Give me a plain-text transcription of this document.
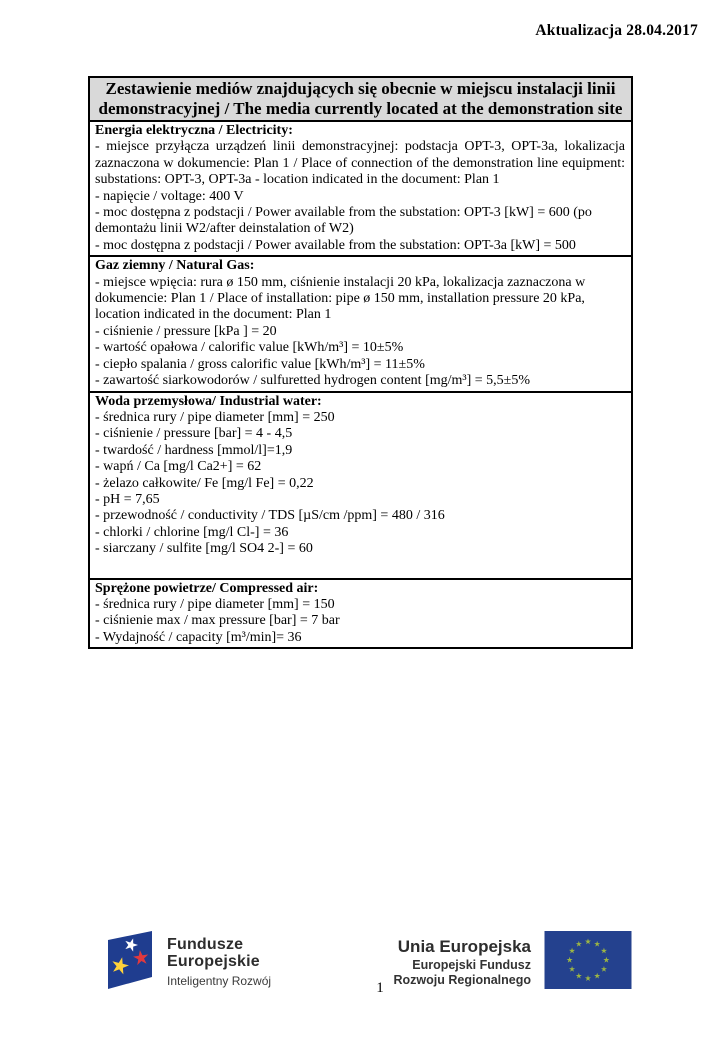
Aktualizacja 28.04.2017
Zestawienie mediów znajdujących się obecnie w miejscu instalacji linii demonstracyjnej / The media currently located at the demonstration site
Energia elektryczna / Electricity:
- miejsce przyłącza urządzeń linii demonstracyjnej: podstacja OPT-3, OPT-3a, lokalizacja zaznaczona w dokumencie: Plan 1 / Place of connection of the demonstration line equipment: substations: OPT-3, OPT-3a - location indicated in the document: Plan 1
- napięcie / voltage: 400 V
- moc dostępna z podstacji / Power available from the substation: OPT-3 [kW] = 600 (po demontażu linii W2/after deinstalation of W2)
- moc dostępna z podstacji / Power available from the substation: OPT-3a [kW] = 500
Gaz ziemny / Natural Gas:
- miejsce wpięcia: rura ø 150 mm, ciśnienie instalacji 20 kPa, lokalizacja zaznaczona w dokumencie: Plan 1 / Place of installation: pipe ø 150 mm, installation pressure 20 kPa, location indicated in the document: Plan 1
- ciśnienie / pressure [kPa ] = 20
- wartość opałowa / calorific value [kWh/m³] = 10±5%
- ciepło spalania / gross calorific value [kWh/m³] = 11±5%
- zawartość siarkowodorów / sulfuretted hydrogen content [mg/m³] = 5,5±5%
Woda przemysłowa/ Industrial water:
- średnica rury / pipe diameter [mm] = 250
- ciśnienie / pressure [bar] = 4 - 4,5
- twardość / hardness [mmol/l]=1,9
- wapń / Ca [mg/l Ca2+] = 62
- żelazo całkowite/ Fe [mg/l Fe] = 0,22
- pH = 7,65
- przewodność / conductivity / TDS [µS/cm /ppm] = 480 / 316
- chlorki / chlorine [mg/l Cl-] = 36
- siarczany / sulfite [mg/l SO4 2-] = 60
Sprężone powietrze/ Compressed air:
- średnica rury / pipe diameter [mm] = 150
- ciśnienie max / max pressure [bar] = 7 bar
- Wydajność / capacity [m³/min]= 36
Fundusze
Europejskie
Inteligentny Rozwój
Unia Europejska
Europejski Fundusz
Rozwoju Regionalnego
1
